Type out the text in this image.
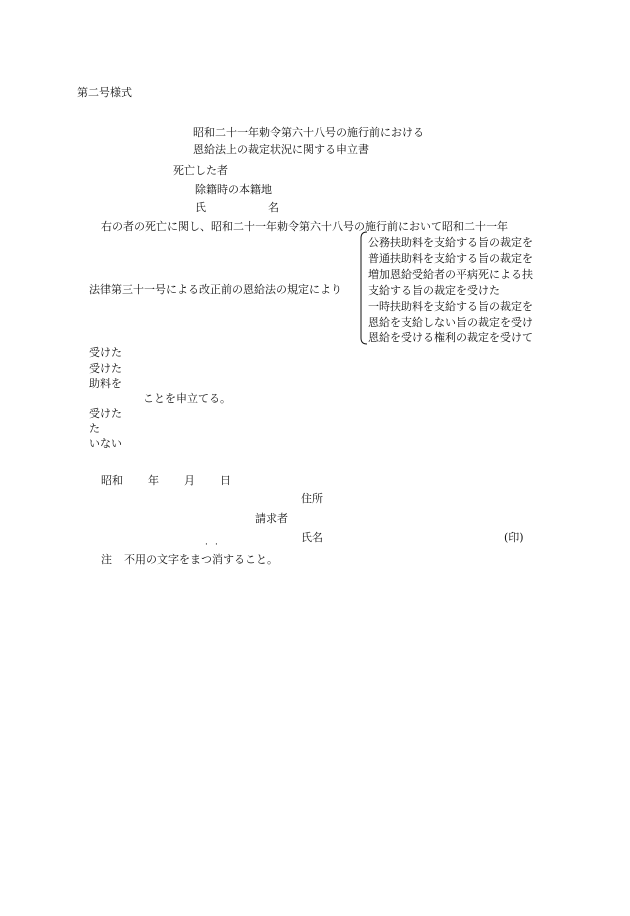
第二号様式
昭和二十一年勅令第六十八号の施行前における
恩給法上の裁定状況に関する申立書
死亡した者
除籍時の本籍地
氏	名
右の者の死亡に関し、昭和二十一年勅令第六十八号の施行前において昭和二十一年
法律第三十一号による改正前の恩給法の規定により
公務扶助料を支給する旨の裁定を
普通扶助料を支給する旨の裁定を
増加恩給受給者の平病死による扶
支給する旨の裁定を受けた
一時扶助料を支給する旨の裁定を
恩給を支給しない旨の裁定を受け
恩給を受ける権利の裁定を受けて
受けた
受けた
助料を
ことを申立てる。
受けた
た
いない
昭和 年 月 日
住所
請求者
氏名	(印)
· ·
注 不用の文字をまつ消すること。
